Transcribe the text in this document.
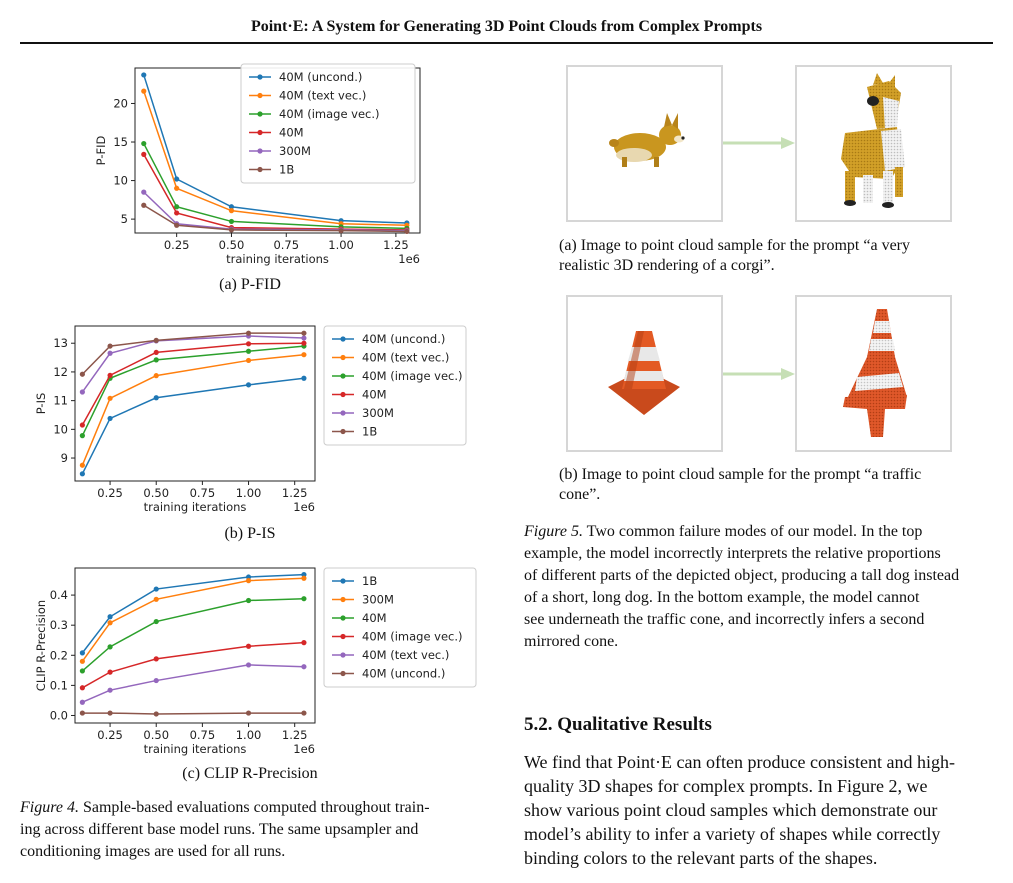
Point·E: A System for Generating 3D Point Clouds from Complex Prompts
0.25	0.50	0.75	1.00	1.25
5
10
15
20
training iterations	1e6
P-FID
40M (uncond.)
40M (text vec.)
40M (image vec.)
40M
300M
1B
(a) P-FID
0.25 0.50 0.75 1.00 1.25
9
10
11
12
13
training iterations	1e6
P-IS
40M (uncond.)
40M (text vec.)
40M (image vec.)
40M
300M
1B
(b) P-IS
0.25 0.50 0.75 1.00 1.25
0.0
0.1
0.2
0.3
0.4
training iterations	1e6
CLIP R-Precision
1B
300M
40M
40M (image vec.)
40M (text vec.)
40M (uncond.)
(c) CLIP R-Precision
Figure 4. Sample-based evaluations computed throughout train-
ing across different base model runs. The same upsampler and
conditioning images are used for all runs.
(a) Image to point cloud sample for the prompt “a very
realistic 3D rendering of a corgi”.
(b) Image to point cloud sample for the prompt “a traffic
cone”.
Figure 5. Two common failure modes of our model. In the top
example, the model incorrectly interprets the relative proportions
of different parts of the depicted object, producing a tall dog instead
of a short, long dog. In the bottom example, the model cannot
see underneath the traffic cone, and incorrectly infers a second
mirrored cone.
5.2. Qualitative Results
We find that Point·E can often produce consistent and high-
quality 3D shapes for complex prompts. In Figure 2, we
show various point cloud samples which demonstrate our
model’s ability to infer a variety of shapes while correctly
binding colors to the relevant parts of the shapes.
